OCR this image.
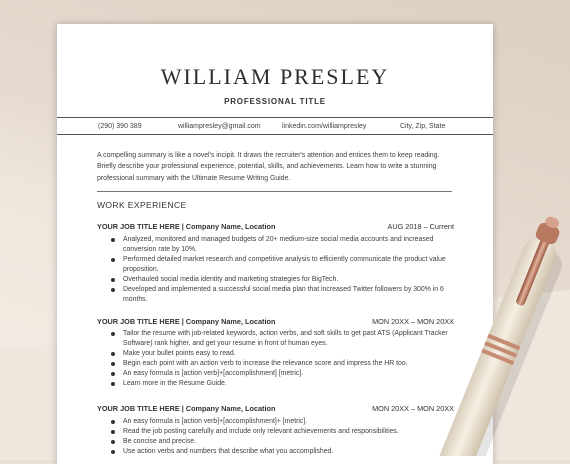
WILLIAM PRESLEY
PROFESSIONAL TITLE
(290) 390 389	williampresley@gmail.com	linkedin.com/williampresley	City, Zip, State
A compelling summary is like a novel's incipit. It draws the recruiter's attention and entices them to keep reading. Briefly describe your professional experience, potential, skills, and achievements. Learn how to write a stunning professional summary with the Ultimate Resume Writing Guide.
WORK EXPERIENCE
YOUR JOB TITLE HERE | Company Name, Location	AUG 2018 – Current
Analyzed, monitored and managed budgets of 20+ medium-size social media accounts and increased conversion rate by 10%.
Performed detailed market research and competitive analysis to efficiently communicate the product value proposition.
Overhauled social media identity and marketing strategies for BigTech.
Developed and implemented a successful social media plan that increased Twitter followers by 300% in 6 months.
YOUR JOB TITLE HERE | Company Name, Location	MON 20XX – MON 20XX
Tailor the resume with job-related keywords, action verbs, and soft skills to get past ATS (Applicant Tracker Software) rank higher, and get your resume in front of human eyes.
Make your bullet points easy to read.
Begin each point with an action verb to increase the relevance score and impress the HR too.
An easy formula is [action verb]+[accomplishment] [metric].
Learn more in the Resume Guide.
YOUR JOB TITLE HERE | Company Name, Location	MON 20XX – MON 20XX
An easy formula is [action verb]+[accomplishment]+ [metric].
Read the job posting carefully and include only relevant achievements and responsibilities.
Be concise and precise.
Use action verbs and numbers that describe what you accomplished.
